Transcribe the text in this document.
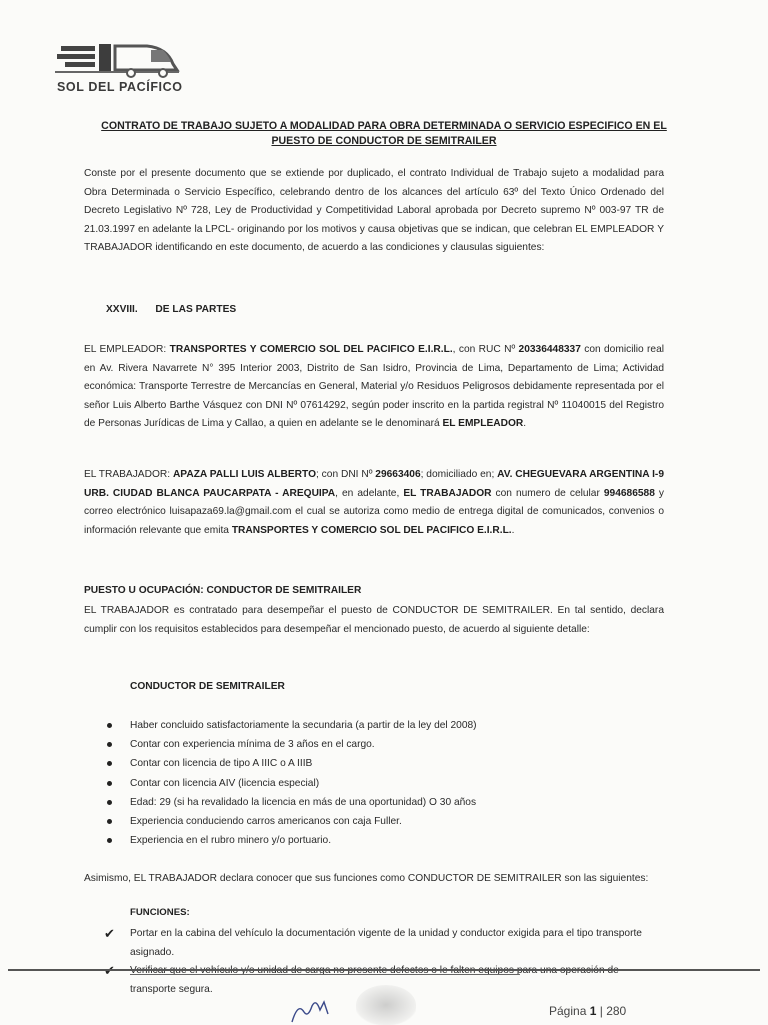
SOL DEL PACÍFICO
CONTRATO DE TRABAJO SUJETO A MODALIDAD PARA OBRA DETERMINADA O SERVICIO ESPECIFICO EN EL
PUESTO DE CONDUCTOR DE SEMITRAILER
Conste por el presente documento que se extiende por duplicado, el contrato Individual de Trabajo sujeto a modalidad para Obra Determinada o Servicio Específico, celebrando dentro de los alcances del artículo 63º del Texto Único Ordenado del Decreto Legislativo Nº 728, Ley de Productividad y Competitividad Laboral aprobada por Decreto supremo Nº 003-97 TR de 21.03.1997 en adelante la LPCL- originando por los motivos y causa objetivas que se indican, que celebran EL EMPLEADOR Y TRABAJADOR identificando en este documento, de acuerdo a las condiciones y clausulas siguientes:
XXVIII. DE LAS PARTES
EL EMPLEADOR: TRANSPORTES Y COMERCIO SOL DEL PACIFICO E.I.R.L., con RUC Nº 20336448337 con domicilio real en Av. Rivera Navarrete N° 395 Interior 2003, Distrito de San Isidro, Provincia de Lima, Departamento de Lima; Actividad económica: Transporte Terrestre de Mercancías en General, Material y/o Residuos Peligrosos debidamente representada por el señor Luis Alberto Barthe Vásquez con DNI Nº 07614292, según poder inscrito en la partida registral Nº 11040015 del Registro de Personas Jurídicas de Lima y Callao, a quien en adelante se le denominará EL EMPLEADOR.
EL TRABAJADOR: APAZA PALLI LUIS ALBERTO; con DNI Nº 29663406; domiciliado en; AV. CHEGUEVARA ARGENTINA I-9 URB. CIUDAD BLANCA PAUCARPATA - AREQUIPA, en adelante, EL TRABAJADOR con numero de celular 994686588 y correo electrónico luisapaza69.la@gmail.com el cual se autoriza como medio de entrega digital de comunicados, convenios o información relevante que emita TRANSPORTES Y COMERCIO SOL DEL PACIFICO E.I.R.L..
PUESTO U OCUPACIÓN: CONDUCTOR DE SEMITRAILER
EL TRABAJADOR es contratado para desempeñar el puesto de CONDUCTOR DE SEMITRAILER. En tal sentido, declara cumplir con los requisitos establecidos para desempeñar el mencionado puesto, de acuerdo al siguiente detalle:
CONDUCTOR DE SEMITRAILER
Haber concluido satisfactoriamente la secundaria (a partir de la ley del 2008)
Contar con experiencia mínima de 3 años en el cargo.
Contar con licencia de tipo A IIIC o A IIIB
Contar con licencia AIV (licencia especial)
Edad: 29 (si ha revalidado la licencia en más de una oportunidad) O 30 años
Experiencia conduciendo carros americanos con caja Fuller.
Experiencia en el rubro minero y/o portuario.
Asimismo, EL TRABAJADOR declara conocer que sus funciones como CONDUCTOR DE SEMITRAILER son las siguientes:
FUNCIONES:
✔ Portar en la cabina del vehículo la documentación vigente de la unidad y conductor exigida para el tipo transporte asignado.
transporte segura.
Página 1 | 280
